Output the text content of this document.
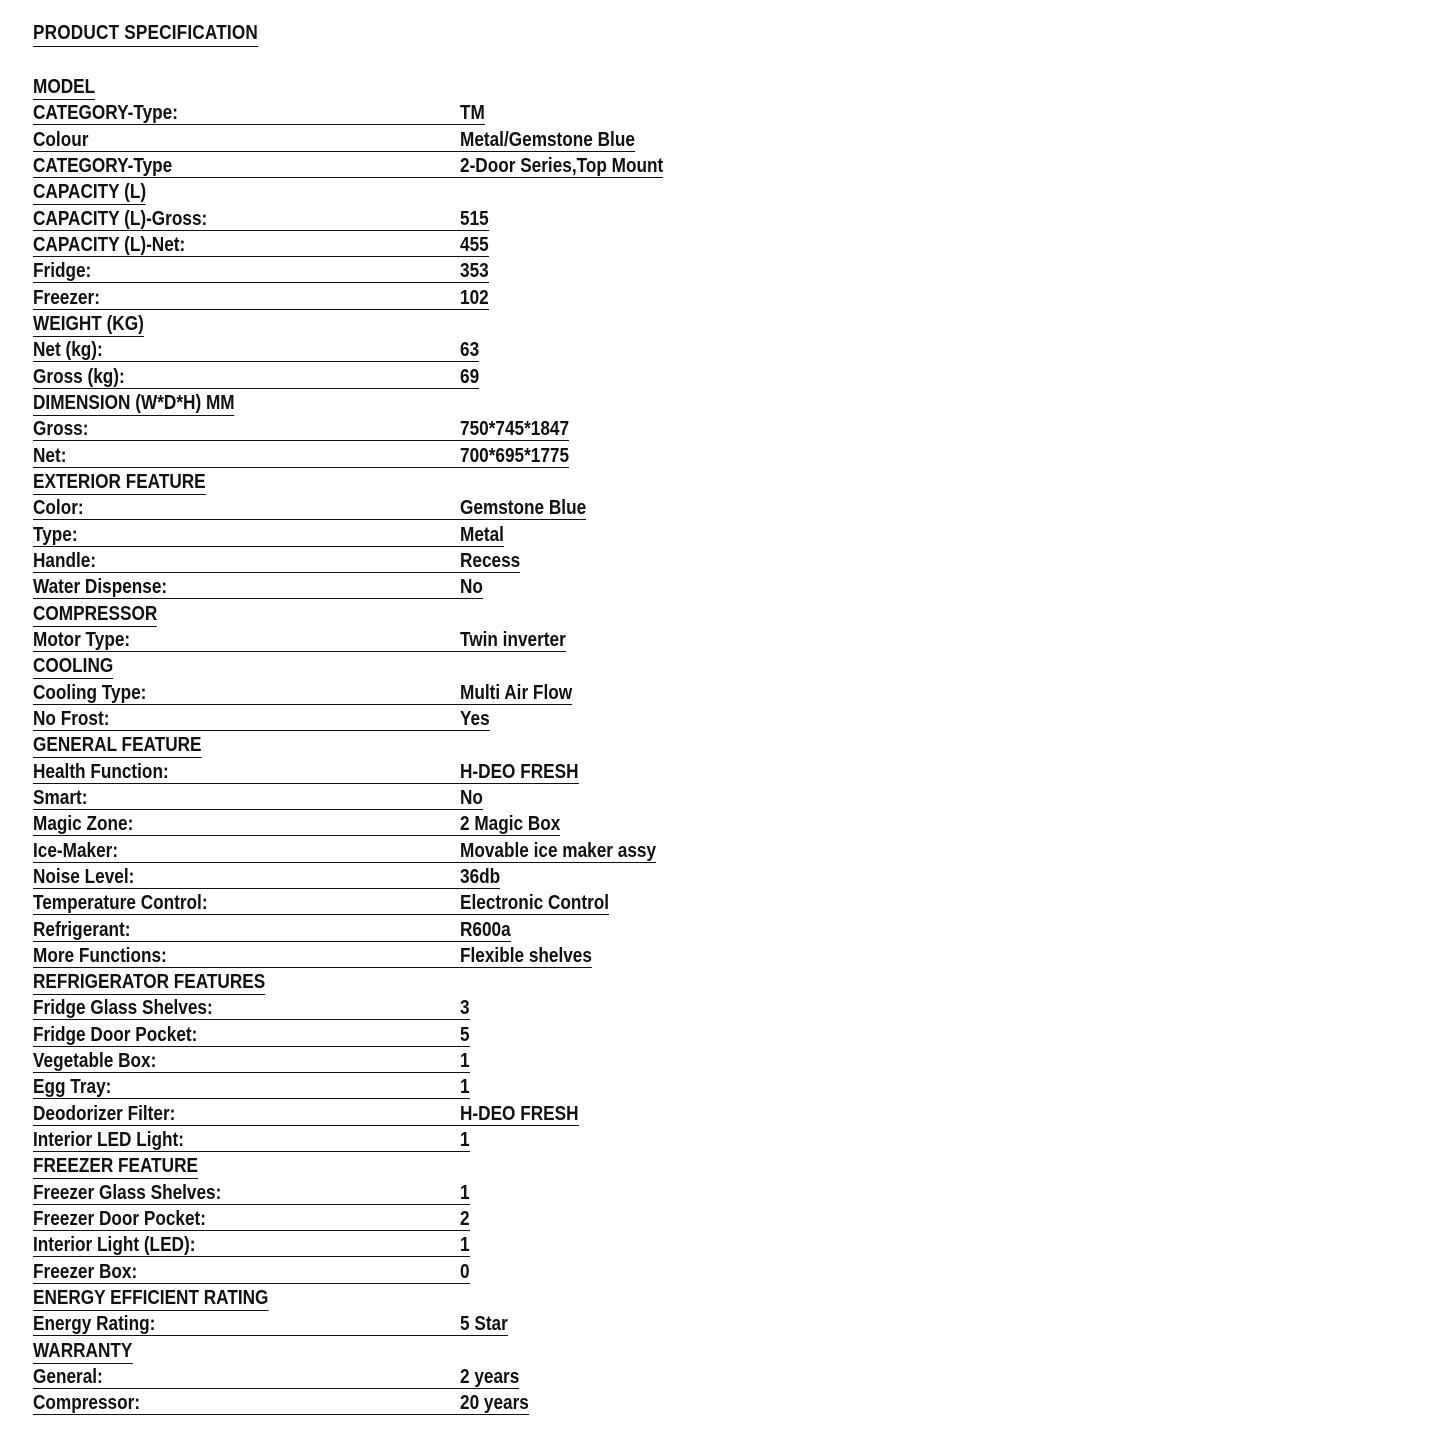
PRODUCT SPECIFICATION
MODEL
CATEGORY-Type:	TM
Colour	Metal/Gemstone Blue
CATEGORY-Type	2-Door Series,Top Mount
CAPACITY (L)
CAPACITY (L)-Gross:	515
CAPACITY (L)-Net:	455
Fridge:	353
Freezer:	102
WEIGHT (KG)
Net (kg):	63
Gross (kg):	69
DIMENSION (W*D*H) MM
Gross:	750*745*1847
Net:	700*695*1775
EXTERIOR FEATURE
Color:	Gemstone Blue
Type:	Metal
Handle:	Recess
Water Dispense:	No
COMPRESSOR
Motor Type:	Twin inverter
COOLING
Cooling Type:	Multi Air Flow
No Frost:	Yes
GENERAL FEATURE
Health Function:	H-DEO FRESH
Smart:	No
Magic Zone:	2 Magic Box
Ice-Maker:	Movable ice maker assy
Noise Level:	36db
Temperature Control:	Electronic Control
Refrigerant:	R600a
More Functions:	Flexible shelves
REFRIGERATOR FEATURES
Fridge Glass Shelves:	3
Fridge Door Pocket:	5
Vegetable Box:	1
Egg Tray:	1
Deodorizer Filter:	H-DEO FRESH
Interior LED Light:	1
FREEZER FEATURE
Freezer Glass Shelves:	1
Freezer Door Pocket:	2
Interior Light (LED):	1
Freezer Box:	0
ENERGY EFFICIENT RATING
Energy Rating:	5 Star
WARRANTY
General:	2 years
Compressor:	20 years
